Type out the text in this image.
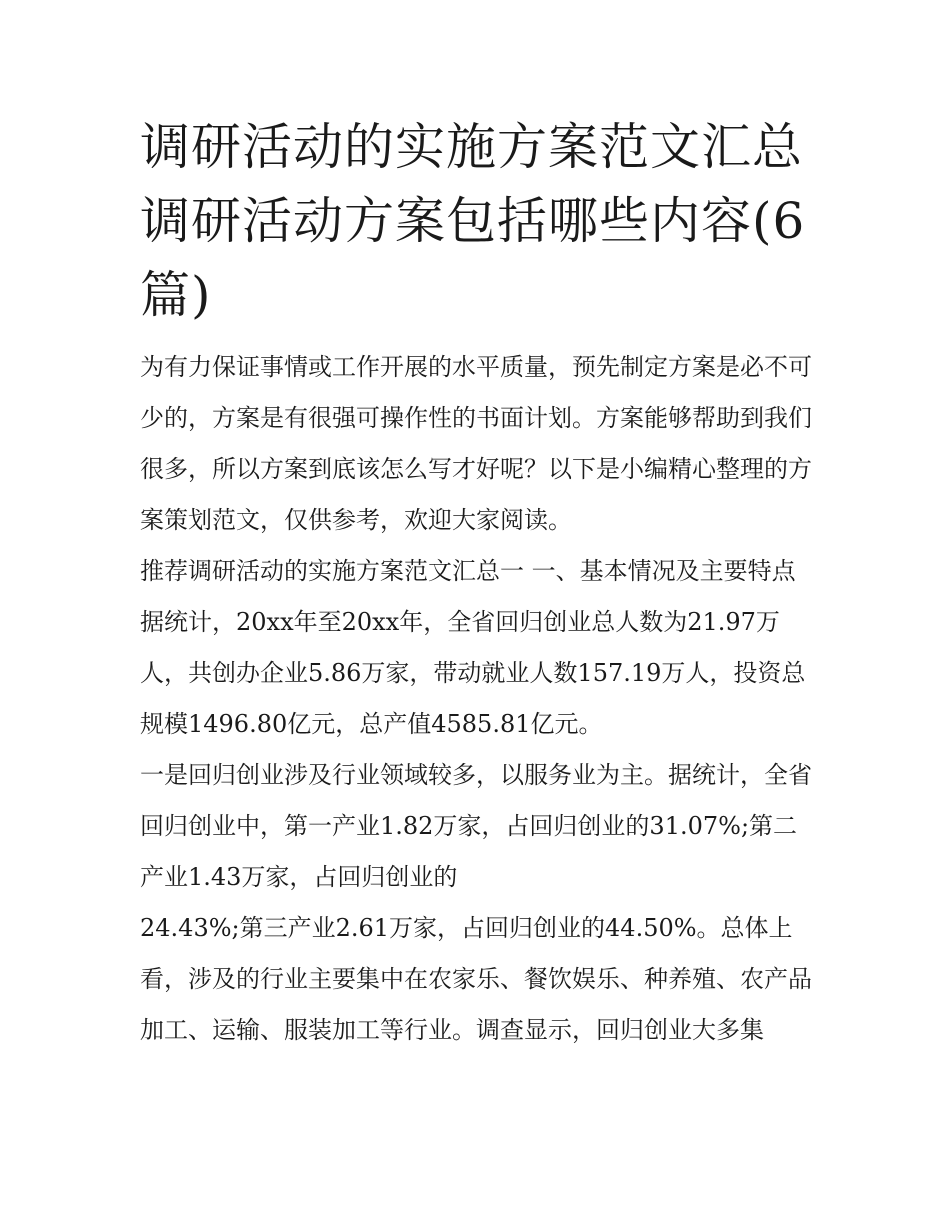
调研活动的实施方案范文汇总调研活动方案包括哪些内容(6篇)

为有力保证事情或工作开展的水平质量，预先制定方案是必不可少的，方案是有很强可操作性的书面计划。方案能够帮助到我们很多，所以方案到底该怎么写才好呢？以下是小编精心整理的方案策划范文，仅供参考，欢迎大家阅读。

推荐调研活动的实施方案范文汇总一 一、基本情况及主要特点

据统计，20xx年至20xx年，全省回归创业总人数为21.97万人，共创办企业5.86万家，带动就业人数157.19万人，投资总规模1496.80亿元，总产值4585.81亿元。

一是回归创业涉及行业领域较多，以服务业为主。据统计，全省回归创业中，第一产业1.82万家，占回归创业的31.07%;第二产业1.43万家，占回归创业的

24.43%;第三产业2.61万家，占回归创业的44.50%。总体上看，涉及的行业主要集中在农家乐、餐饮娱乐、种养殖、农产品加工、运输、服装加工等行业。调查显示，回归创业大多集
